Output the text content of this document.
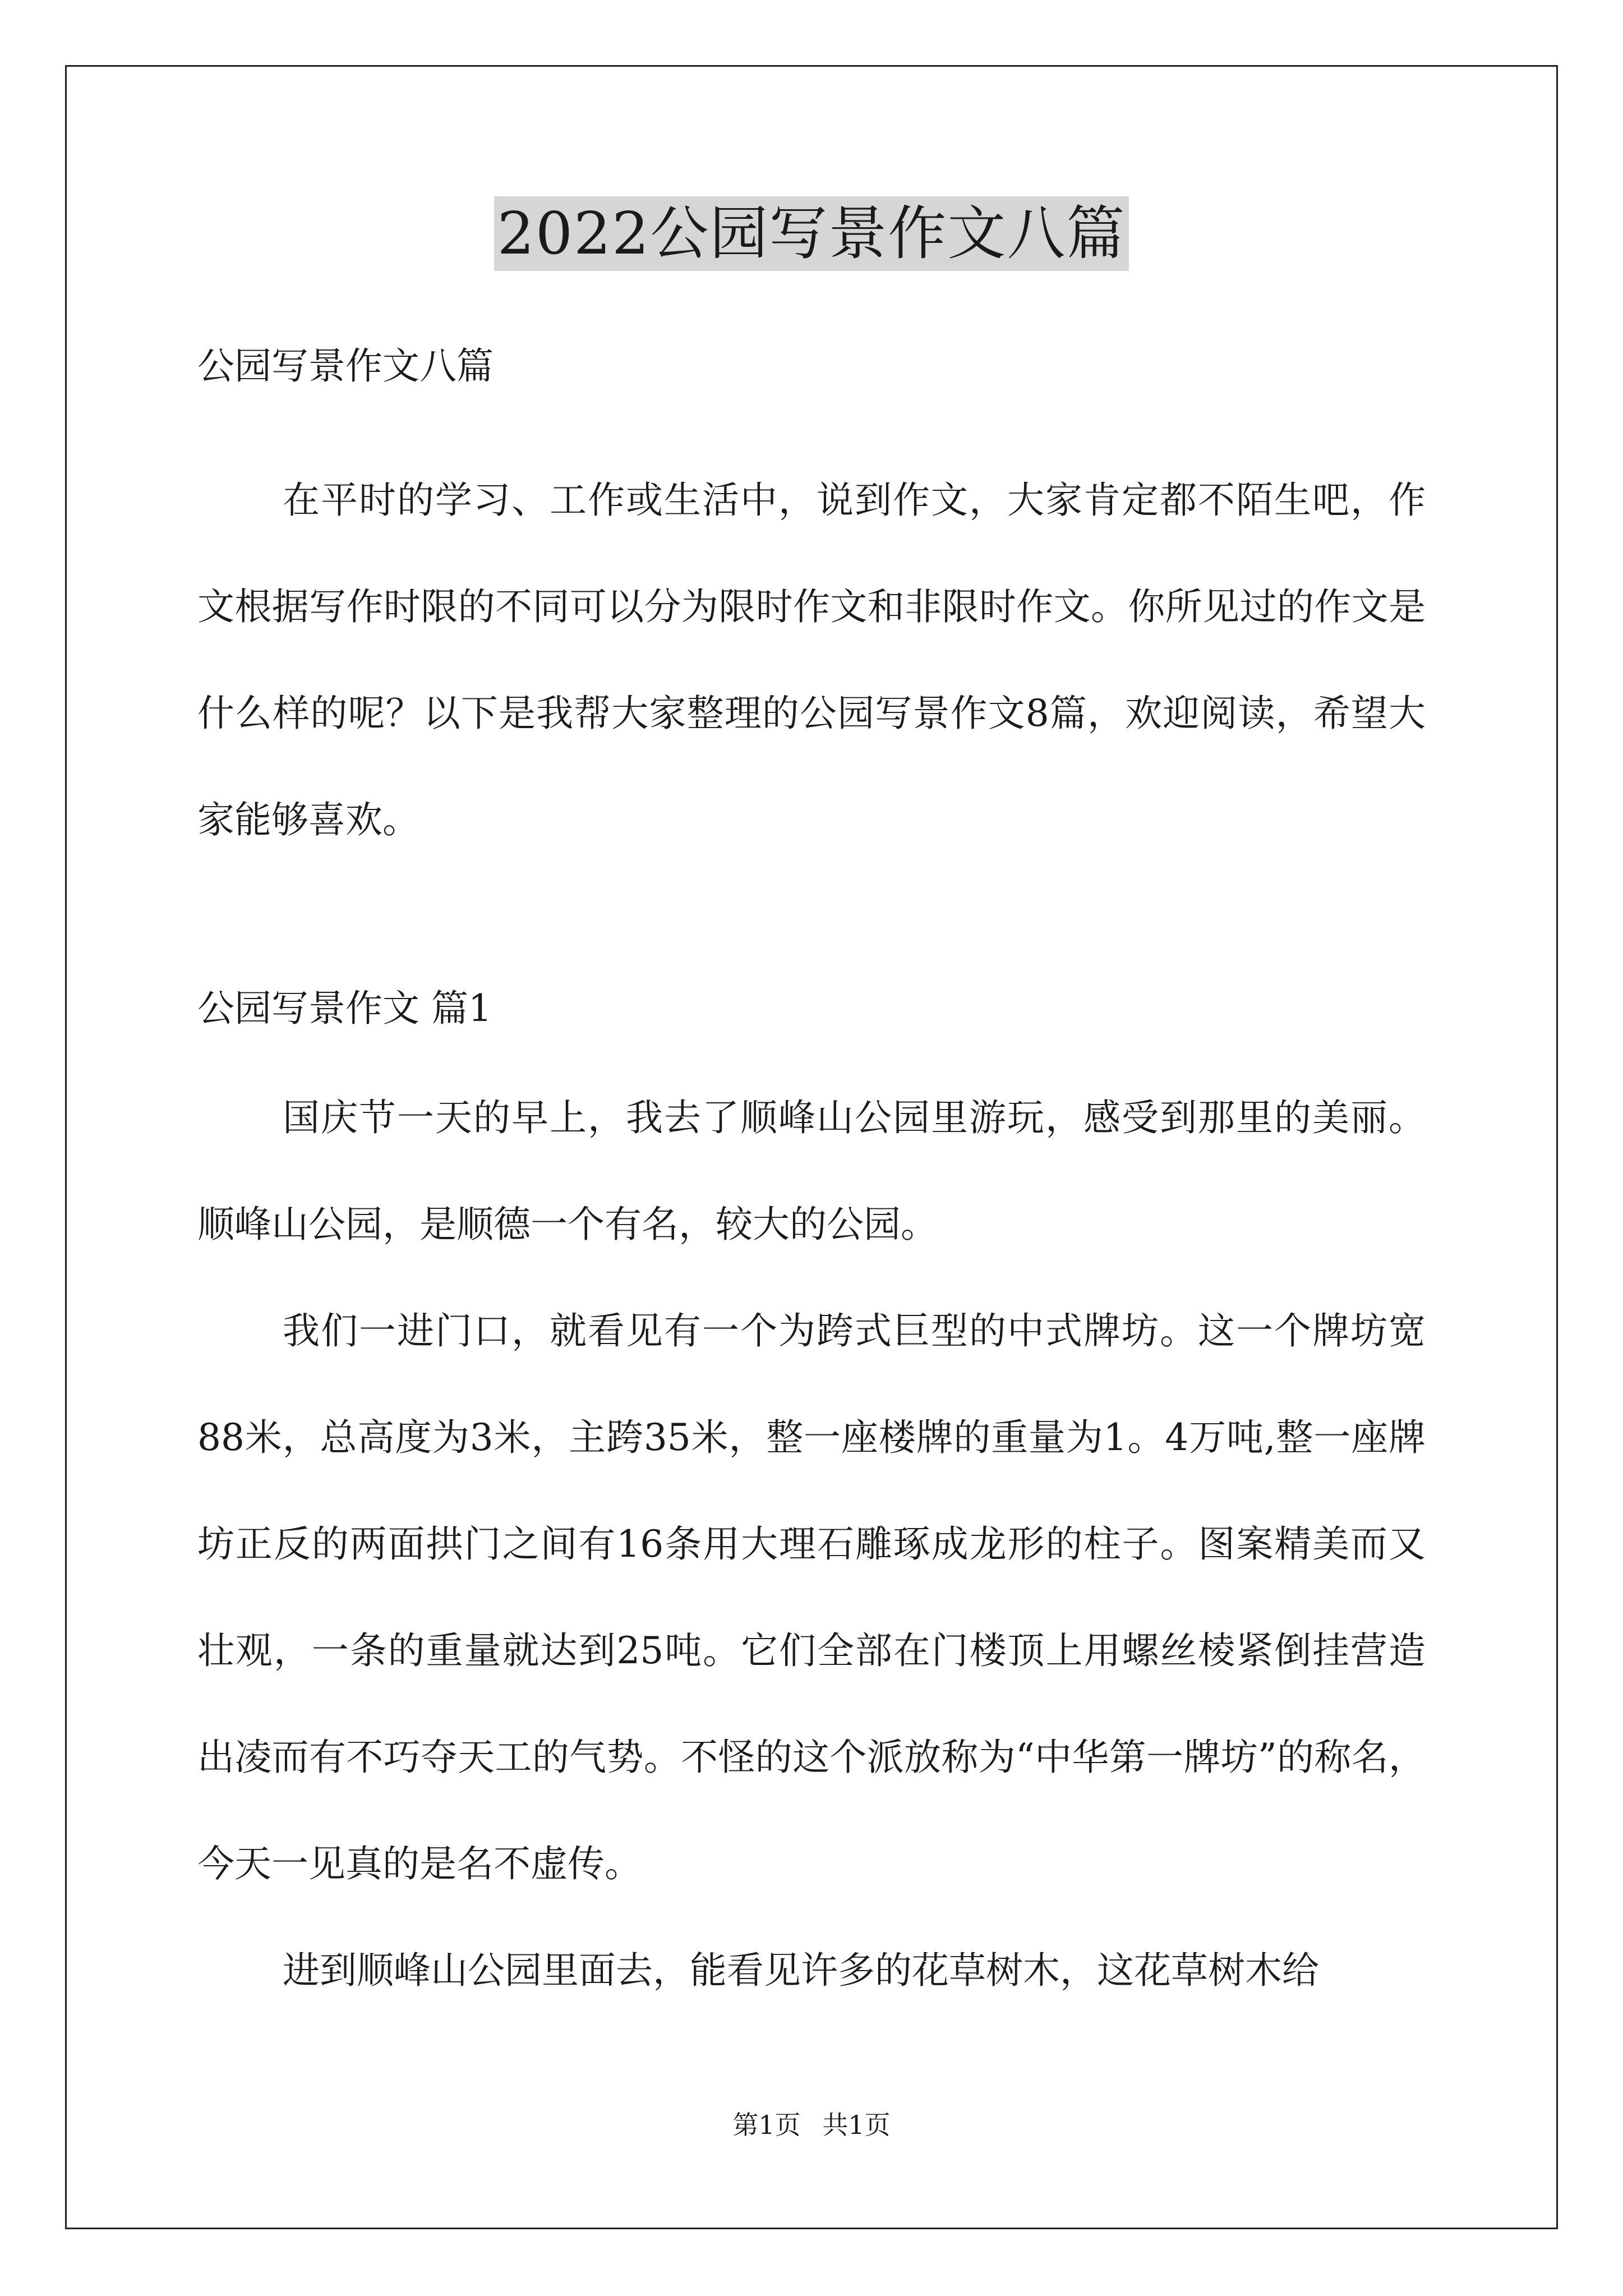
2022公园写景作文八篇

公园写景作文八篇

在平时的学习、工作或生活中，说到作文，大家肯定都不陌生吧，作文根据写作时限的不同可以分为限时作文和非限时作文。你所见过的作文是什么样的呢？以下是我帮大家整理的公园写景作文8篇，欢迎阅读，希望大家能够喜欢。

公园写景作文 篇1

国庆节一天的早上，我去了顺峰山公园里游玩，感受到那里的美丽。顺峰山公园，是顺德一个有名，较大的公园。

我们一进门口，就看见有一个为跨式巨型的中式牌坊。这一个牌坊宽88米，总高度为3米，主跨35米，整一座楼牌的重量为1。4万吨,整一座牌坊正反的两面拱门之间有16条用大理石雕琢成龙形的柱子。图案精美而又壮观，一条的重量就达到25吨。它们全部在门楼顶上用螺丝棱紧倒挂营造出凌而有不巧夺天工的气势。不怪的这个派放称为“中华第一牌坊”的称名，今天一见真的是名不虚传。

进到顺峰山公园里面去，能看见许多的花草树木，这花草树木给

第1页 共1页
